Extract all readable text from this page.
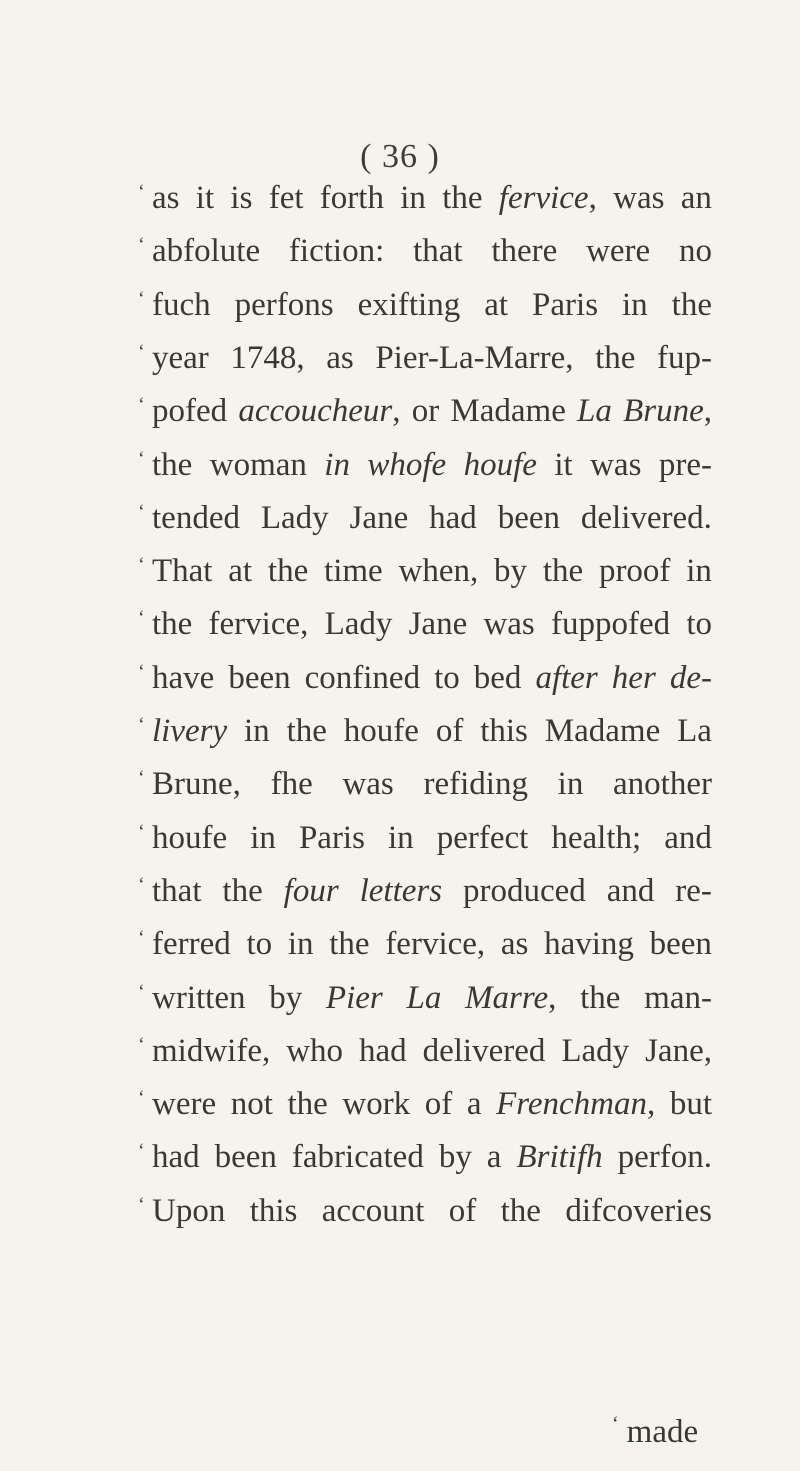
( 36 )
‘ as it is fet forth in the fervice, was an
‘ abfolute fiction: that there were no
‘ fuch perfons exifting at Paris in the
‘ year 1748, as Pier-La-Marre, the fup-
‘ pofed accoucheur, or Madame La Brune,
‘ the woman in whofe houfe it was pre-
‘ tended Lady Jane had been delivered.
‘ That at the time when, by the proof in
‘ the fervice, Lady Jane was fuppofed to
‘ have been confined to bed after her de-
‘ livery in the houfe of this Madame La
‘ Brune, fhe was refiding in another
‘ houfe in Paris in perfect health; and
‘ that the four letters produced and re-
‘ ferred to in the fervice, as having been
‘ written by Pier La Marre, the man-
‘ midwife, who had delivered Lady Jane,
‘ were not the work of a Frenchman, but
‘ had been fabricated by a Britifh perfon.
‘ Upon this account of the difcoveries
‘ made
